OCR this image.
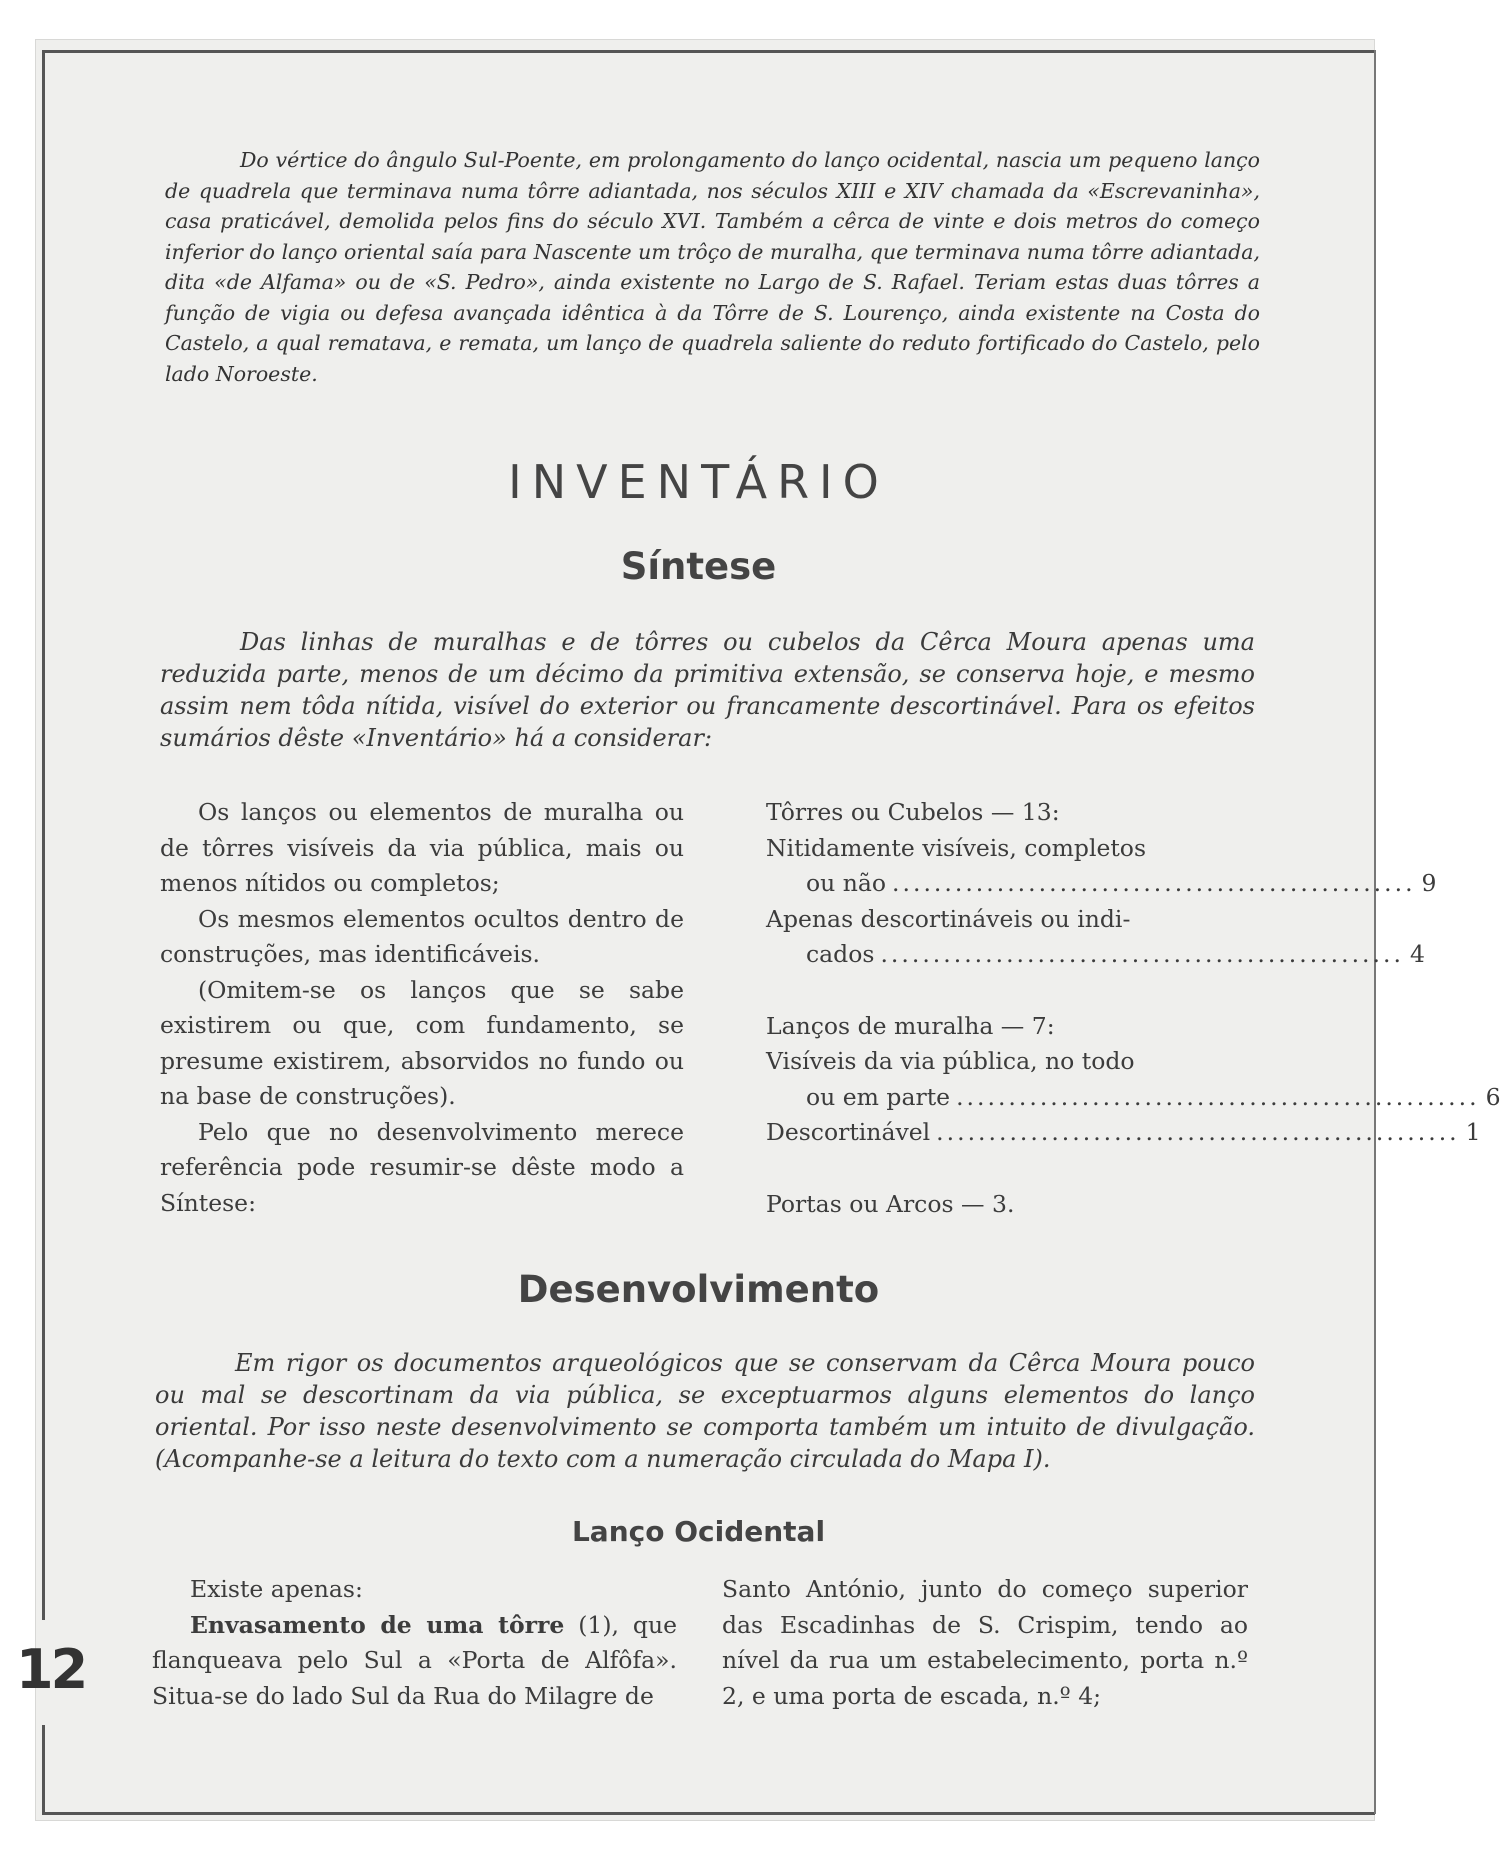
Do vértice do ângulo Sul-Poente, em prolongamento do lanço ocidental, nascia um pequeno lanço de quadrela que terminava numa tôrre adiantada, nos séculos XIII e XIV chamada da «Escrevaninha», casa praticável, demolida pelos fins do século XVI. Também a cêrca de vinte e dois metros do começo inferior do lanço oriental saía para Nascente um trôço de muralha, que terminava numa tôrre adiantada, dita «de Alfama» ou de «S. Pedro», ainda existente no Largo de S. Rafael. Teriam estas duas tôrres a função de vigia ou defesa avançada idêntica à da Tôrre de S. Lourenço, ainda existente na Costa do Castelo, a qual rematava, e remata, um lanço de quadrela saliente do reduto fortificado do Castelo, pelo lado Noroeste.

INVENTÁRIO
Síntese

Das linhas de muralhas e de tôrres ou cubelos da Cêrca Moura apenas uma reduzida parte, menos de um décimo da primitiva extensão, se conserva hoje, e mesmo assim nem tôda nítida, visível do exterior ou francamente descortinável. Para os efeitos sumários dêste «Inventário» há a considerar:

Os lanços ou elementos de muralha ou de tôrres visíveis da via pública, mais ou menos nítidos ou completos;

Os mesmos elementos ocultos dentro de construções, mas identificáveis.

(Omitem-se os lanços que se sabe existirem ou que, com fundamento, se presume existirem, absorvidos no fundo ou na base de construções).

Pelo que no desenvolvimento merece referência pode resumir-se dêste modo a Síntese:

Tôrres ou Cubelos — 13:
Nitidamente visíveis, completos
ou não .................................................. 9
Apenas descortináveis ou indi-
cados .................................................. 4
Lanços de muralha — 7:
Visíveis da via pública, no todo
ou em parte .................................................. 6
Descortinável .................................................. 1
Portas ou Arcos — 3.
Desenvolvimento

Em rigor os documentos arqueológicos que se conservam da Cêrca Moura pouco ou mal se descortinam da via pública, se exceptuarmos alguns elementos do lanço oriental. Por isso neste desenvolvimento se comporta também um intuito de divulgação. (Acompanhe-se a leitura do texto com a numeração circulada do Mapa I).

Lanço Ocidental

Existe apenas:

Envasamento de uma tôrre (1), que flanqueava pelo Sul a «Porta de Alfôfa». Situa-se do lado Sul da Rua do Milagre de

Santo António, junto do começo superior das Escadinhas de S. Crispim, tendo ao nível da rua um estabelecimento, porta n.º 2, e uma porta de escada, n.º 4;

12
